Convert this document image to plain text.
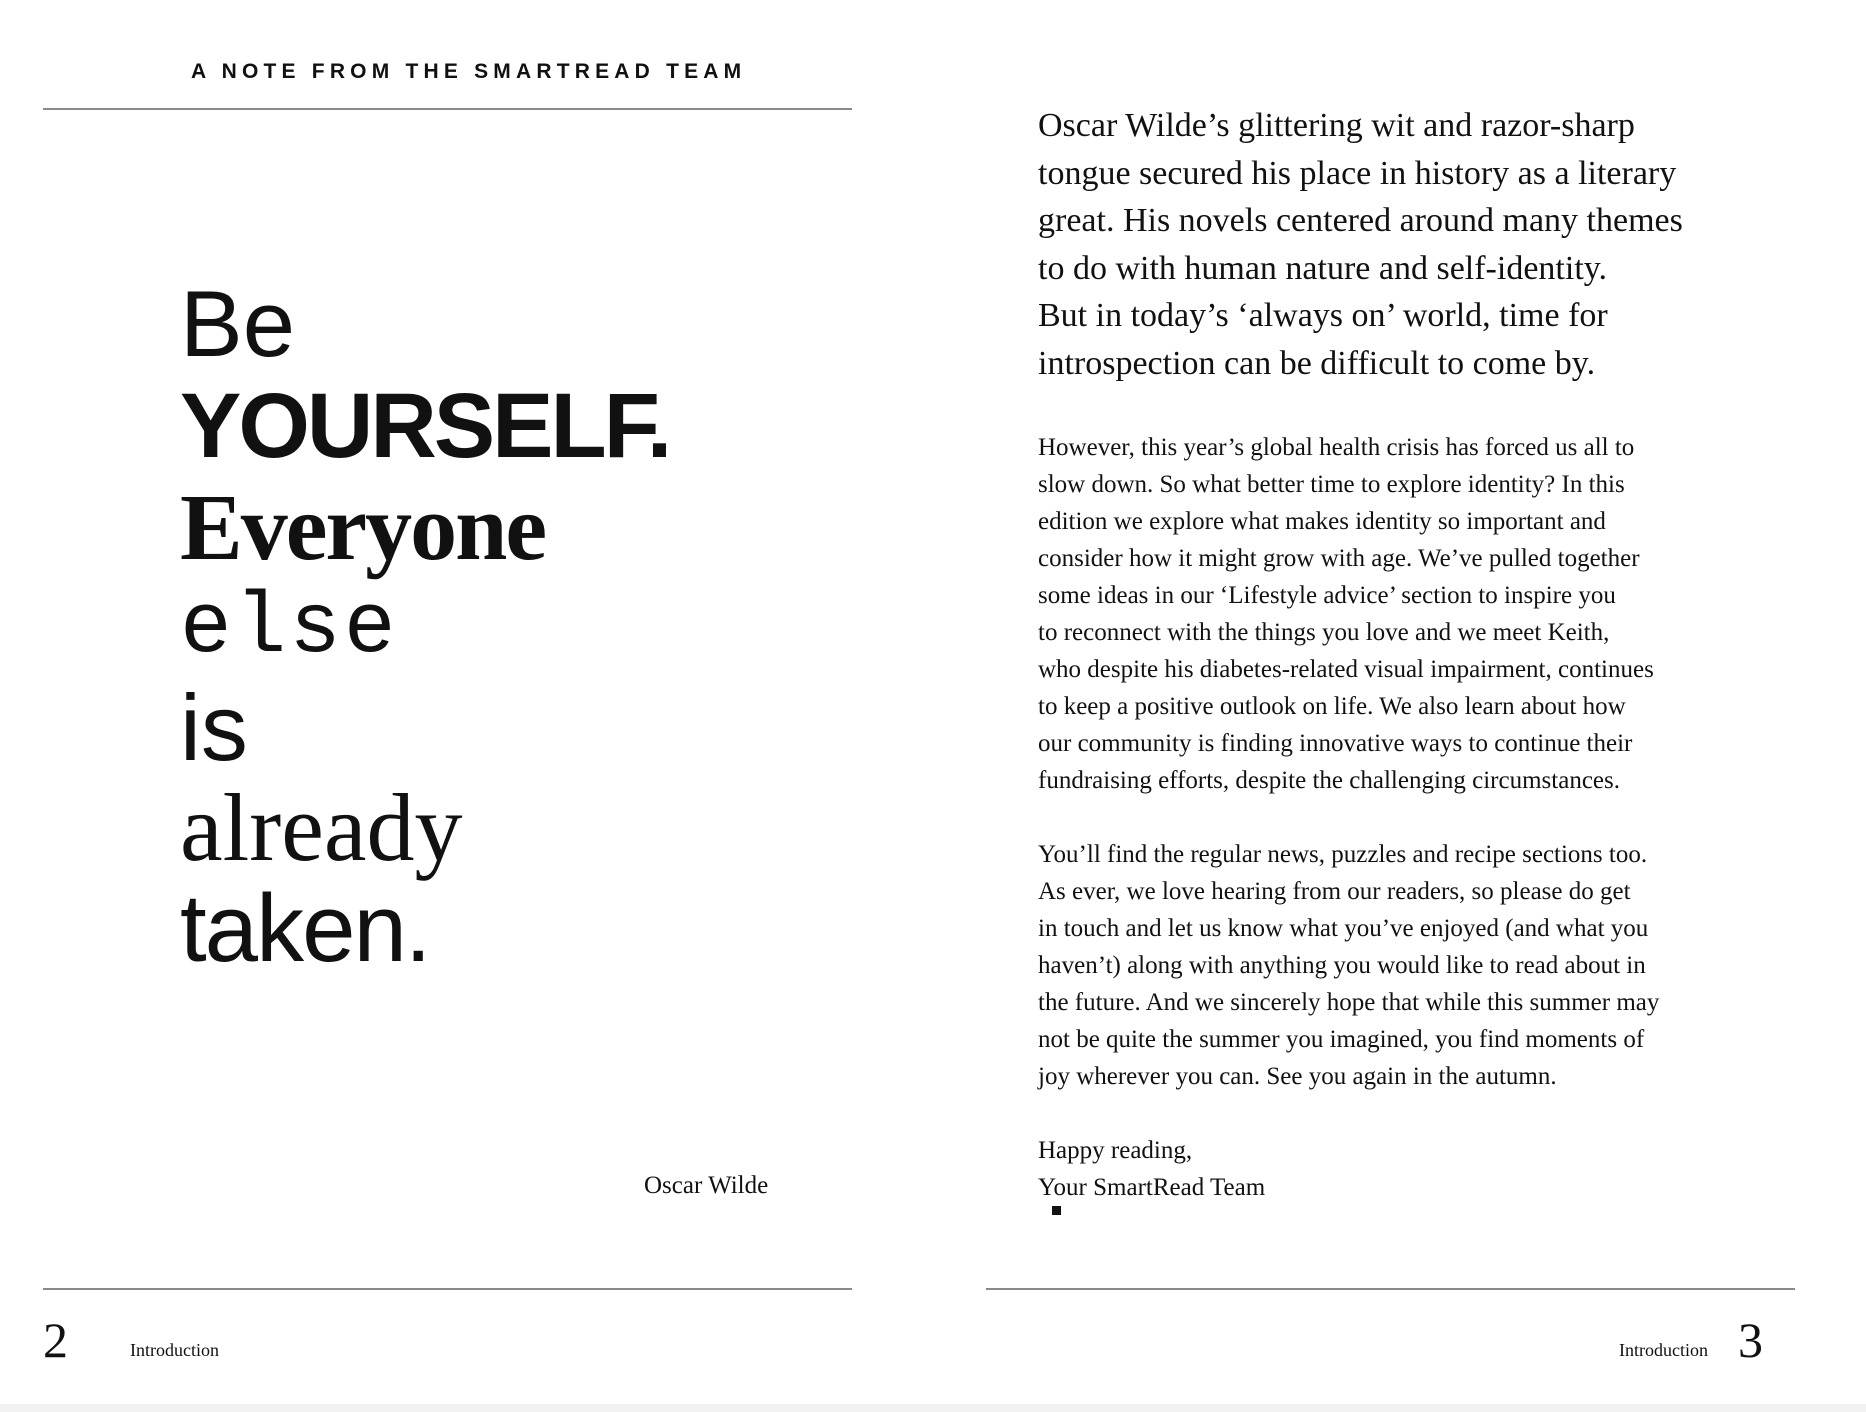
A NOTE FROM THE SMARTREAD TEAM
Be
YOURSELF.
Everyone
else
is
already
taken.
Oscar Wilde
Oscar Wilde’s glittering wit and razor-sharp
tongue secured his place in history as a literary
great. His novels centered around many themes
to do with human nature and self-identity.
But in today’s ‘always on’ world, time for
introspection can be difficult to come by.
However, this year’s global health crisis has forced us all to
slow down. So what better time to explore identity? In this
edition we explore what makes identity so important and
consider how it might grow with age. We’ve pulled together
some ideas in our ‘Lifestyle advice’ section to inspire you
to reconnect with the things you love and we meet Keith,
who despite his diabetes-related visual impairment, continues
to keep a positive outlook on life. We also learn about how
our community is finding innovative ways to continue their
fundraising efforts, despite the challenging circumstances.
You’ll find the regular news, puzzles and recipe sections too.
As ever, we love hearing from our readers, so please do get
in touch and let us know what you’ve enjoyed (and what you
haven’t) along with anything you would like to read about in
the future. And we sincerely hope that while this summer may
not be quite the summer you imagined, you find moments of
joy wherever you can. See you again in the autumn.
Happy reading,
Your SmartRead Team
2	Introduction	Introduction 3
